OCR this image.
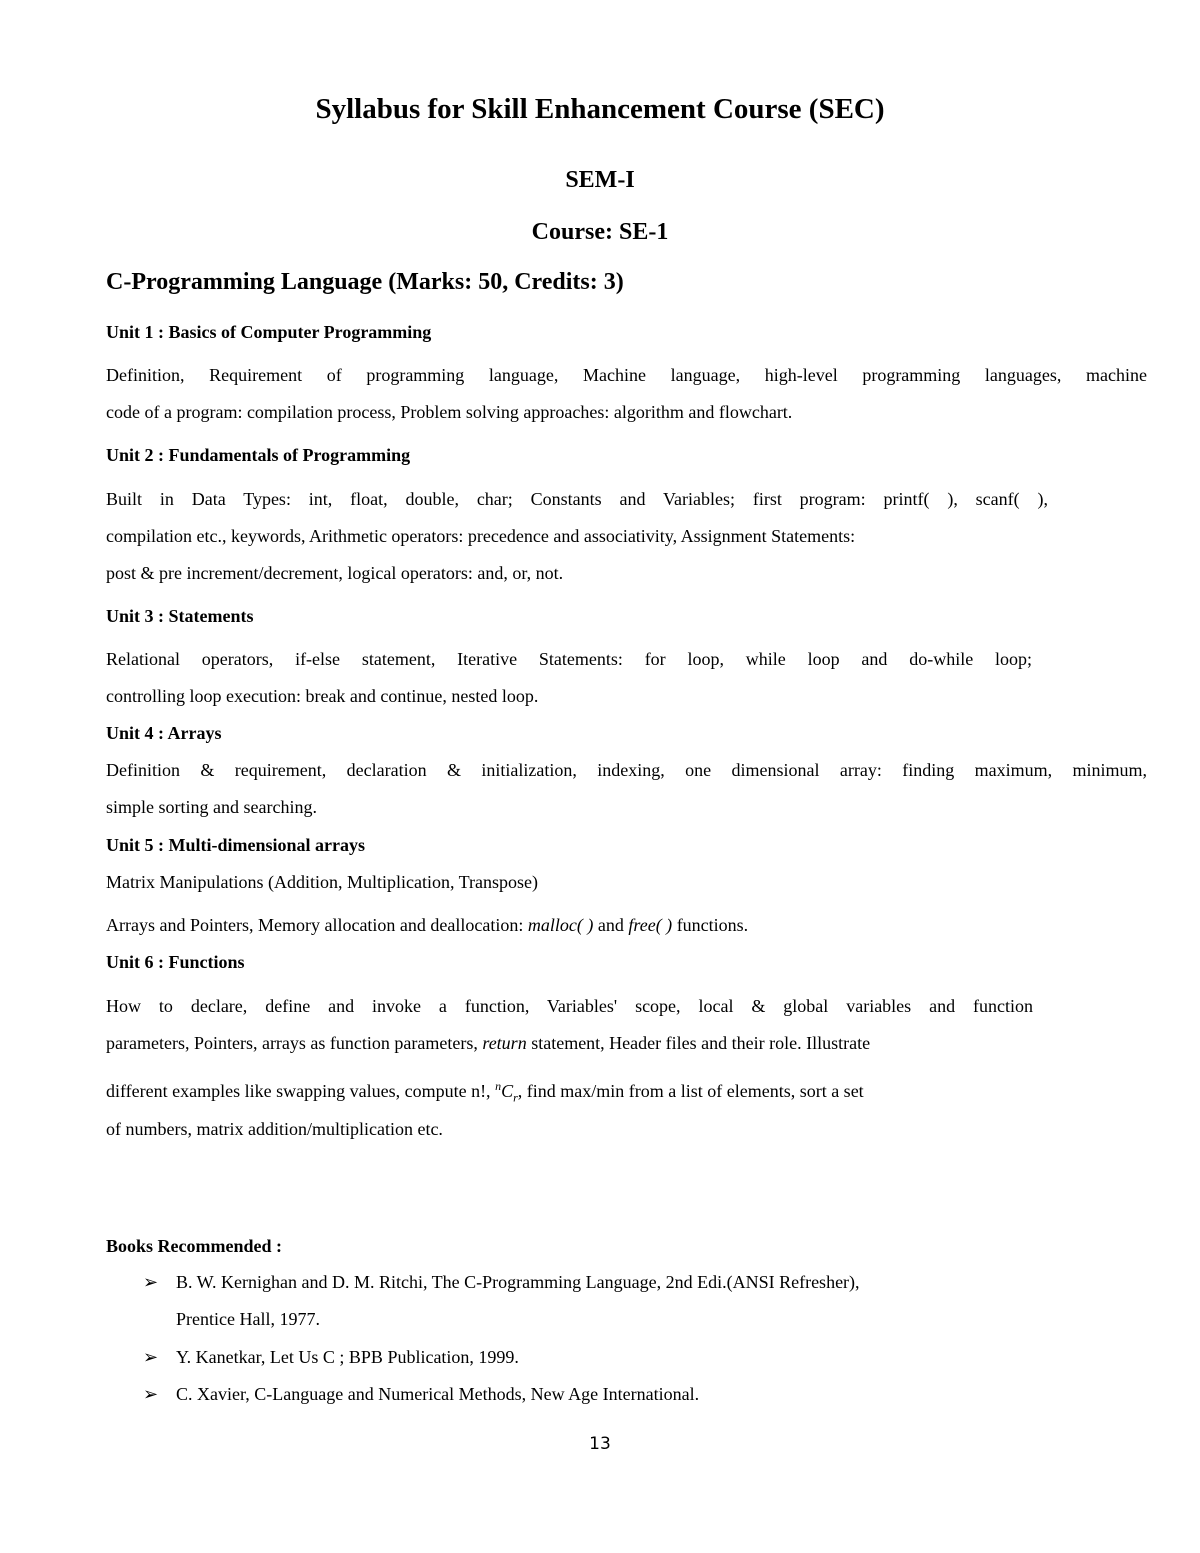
Syllabus for Skill Enhancement Course (SEC)
SEM-I
Course: SE-1
C-Programming Language (Marks: 50, Credits: 3)
Unit 1 : Basics of Computer Programming
Definition, Requirement of programming language, Machine language, high-level programming languages, machine
code of a program: compilation process, Problem solving approaches: algorithm and flowchart.
Unit 2 : Fundamentals of Programming
Built in Data Types: int, float, double, char; Constants and Variables; first program: printf( ), scanf( ),
compilation etc., keywords, Arithmetic operators: precedence and associativity, Assignment Statements:
post & pre increment/decrement, logical operators: and, or, not.
Unit 3 : Statements
Relational operators, if-else statement, Iterative Statements: for loop, while loop and do-while loop;
controlling loop execution: break and continue, nested loop.
Unit 4 : Arrays
Definition & requirement, declaration & initialization, indexing, one dimensional array: finding maximum, minimum,
simple sorting and searching.
Unit 5 : Multi-dimensional arrays
Matrix Manipulations (Addition, Multiplication, Transpose)
Arrays and Pointers, Memory allocation and deallocation: malloc( ) and free( ) functions.
Unit 6 : Functions
How to declare, define and invoke a function, Variables' scope, local & global variables and function
parameters, Pointers, arrays as function parameters, return statement, Header files and their role. Illustrate
different examples like swapping values, compute n!, $^nC_r$, find max/min from a list of elements, sort a set
of numbers, matrix addition/multiplication etc.
Books Recommended :
➢ B. W. Kernighan and D. M. Ritchi, The C-Programming Language, 2nd Edi.(ANSI Refresher),
Prentice Hall, 1977.
➢ Y. Kanetkar, Let Us C ; BPB Publication, 1999.
➢ C. Xavier, C-Language and Numerical Methods, New Age International.
13
